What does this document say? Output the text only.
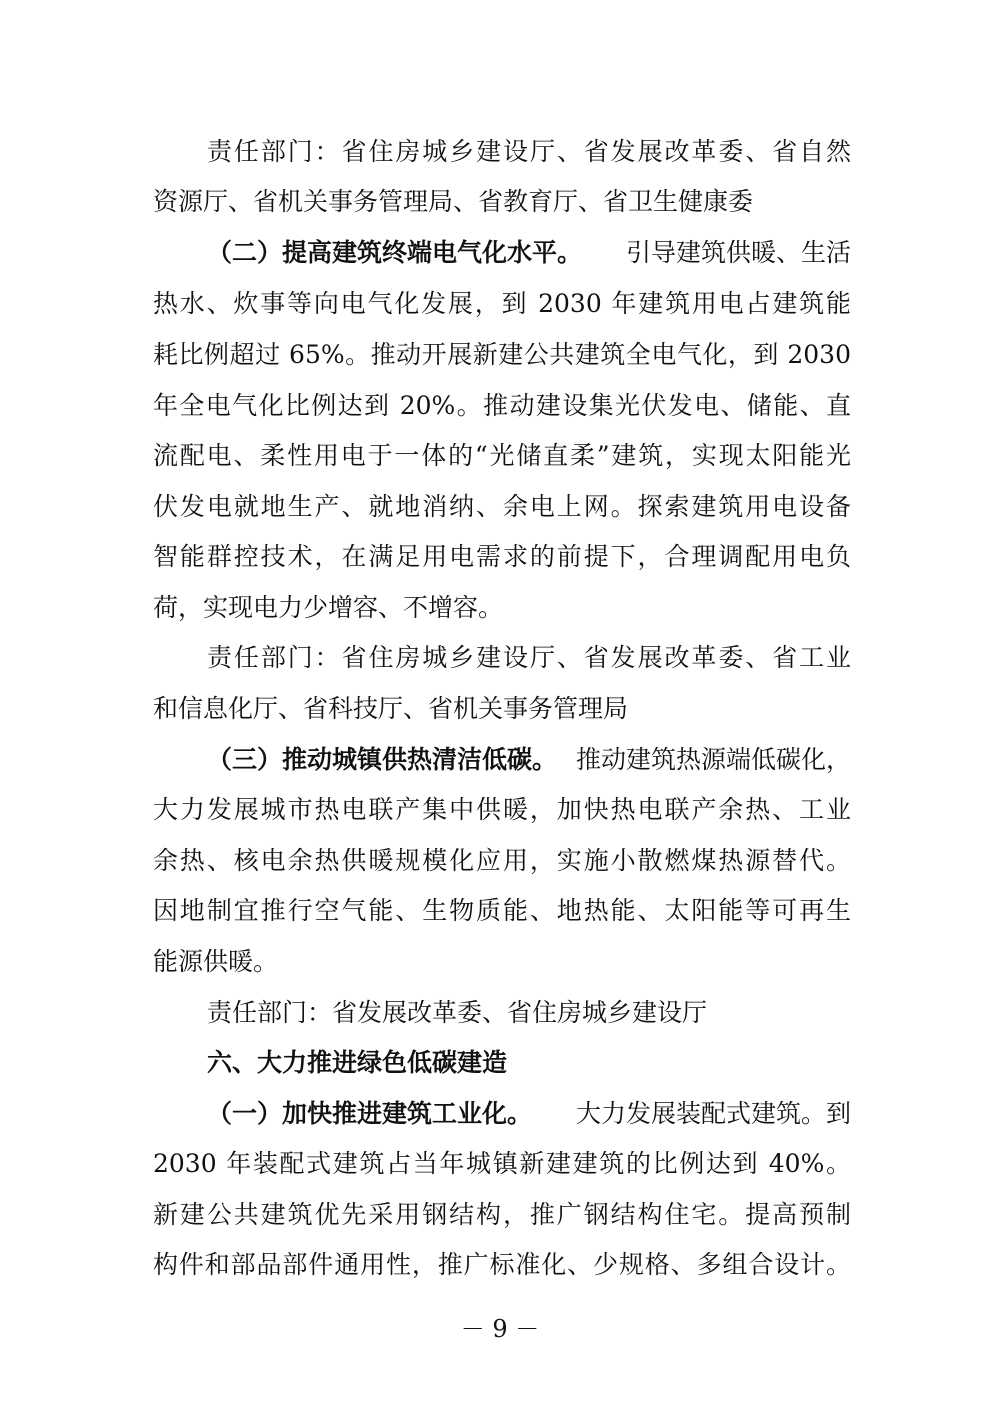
责任部门：省住房城乡建设厅、省发展改革委、省自然
资源厅、省机关事务管理局、省教育厅、省卫生健康委
（二）提高建筑终端电气化水平。 引导建筑供暖、生活
热水、炊事等向电气化发展，到 2030 年建筑用电占建筑能
耗比例超过 65%。推动开展新建公共建筑全电气化，到 2030
年全电气化比例达到 20%。推动建设集光伏发电、储能、直
流配电、柔性用电于一体的“光储直柔”建筑，实现太阳能光
伏发电就地生产、就地消纳、余电上网。探索建筑用电设备
智能群控技术，在满足用电需求的前提下，合理调配用电负
荷，实现电力少增容、不增容。
责任部门：省住房城乡建设厅、省发展改革委、省工业
和信息化厅、省科技厅、省机关事务管理局
（三）推动城镇供热清洁低碳。 推动建筑热源端低碳化，
大力发展城市热电联产集中供暖，加快热电联产余热、工业
余热、核电余热供暖规模化应用，实施小散燃煤热源替代。
因地制宜推行空气能、生物质能、地热能、太阳能等可再生
能源供暖。
责任部门：省发展改革委、省住房城乡建设厅
六、大力推进绿色低碳建造
（一）加快推进建筑工业化。 大力发展装配式建筑。到
2030 年装配式建筑占当年城镇新建建筑的比例达到 40%。
新建公共建筑优先采用钢结构，推广钢结构住宅。提高预制
构件和部品部件通用性，推广标准化、少规格、多组合设计。
－ 9 －
